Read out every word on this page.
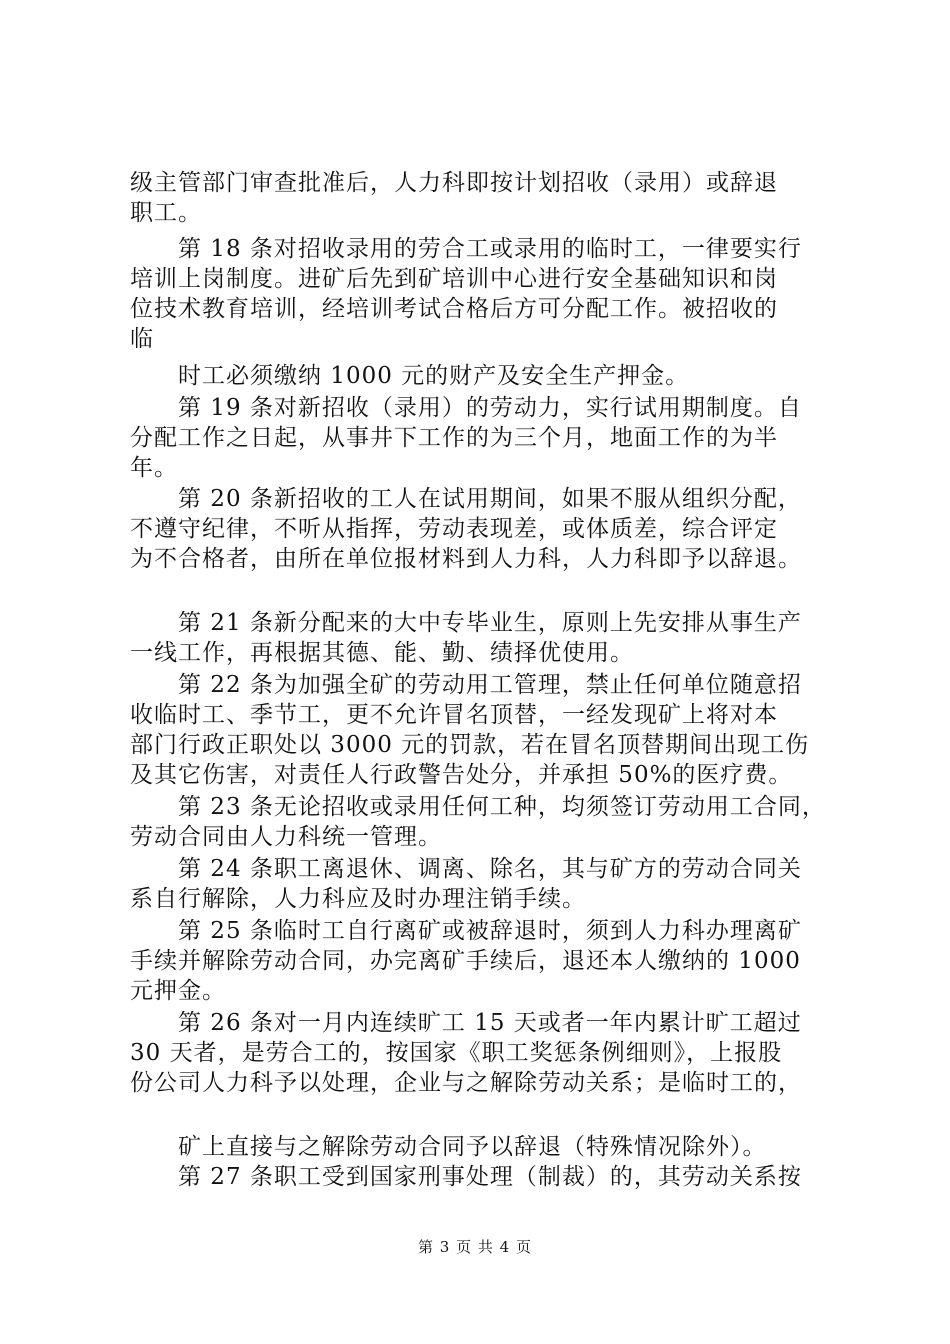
级主管部门审查批准后，人力科即按计划招收（录用）或辞退
职工。
第 18 条对招收录用的劳合工或录用的临时工，一律要实行
培训上岗制度。进矿后先到矿培训中心进行安全基础知识和岗
位技术教育培训，经培训考试合格后方可分配工作。被招收的
临
时工必须缴纳 1000 元的财产及安全生产押金。
第 19 条对新招收（录用）的劳动力，实行试用期制度。自
分配工作之日起，从事井下工作的为三个月，地面工作的为半
年。
第 20 条新招收的工人在试用期间，如果不服从组织分配，
不遵守纪律，不听从指挥，劳动表现差，或体质差，综合评定
为不合格者，由所在单位报材料到人力科，人力科即予以辞退。
第 21 条新分配来的大中专毕业生，原则上先安排从事生产
一线工作，再根据其德、能、勤、绩择优使用。
第 22 条为加强全矿的劳动用工管理，禁止任何单位随意招
收临时工、季节工，更不允许冒名顶替，一经发现矿上将对本
部门行政正职处以 3000 元的罚款，若在冒名顶替期间出现工伤
及其它伤害，对责任人行政警告处分，并承担 50%的医疗费。
第 23 条无论招收或录用任何工种，均须签订劳动用工合同，
劳动合同由人力科统一管理。
第 24 条职工离退休、调离、除名，其与矿方的劳动合同关
系自行解除，人力科应及时办理注销手续。
第 25 条临时工自行离矿或被辞退时，须到人力科办理离矿
手续并解除劳动合同，办完离矿手续后，退还本人缴纳的 1000
元押金。
第 26 条对一月内连续旷工 15 天或者一年内累计旷工超过
30 天者，是劳合工的，按国家《职工奖惩条例细则》，上报股
份公司人力科予以处理，企业与之解除劳动关系；是临时工的，
矿上直接与之解除劳动合同予以辞退（特殊情况除外）。
第 27 条职工受到国家刑事处理（制裁）的，其劳动关系按
第 3 页 共 4 页
